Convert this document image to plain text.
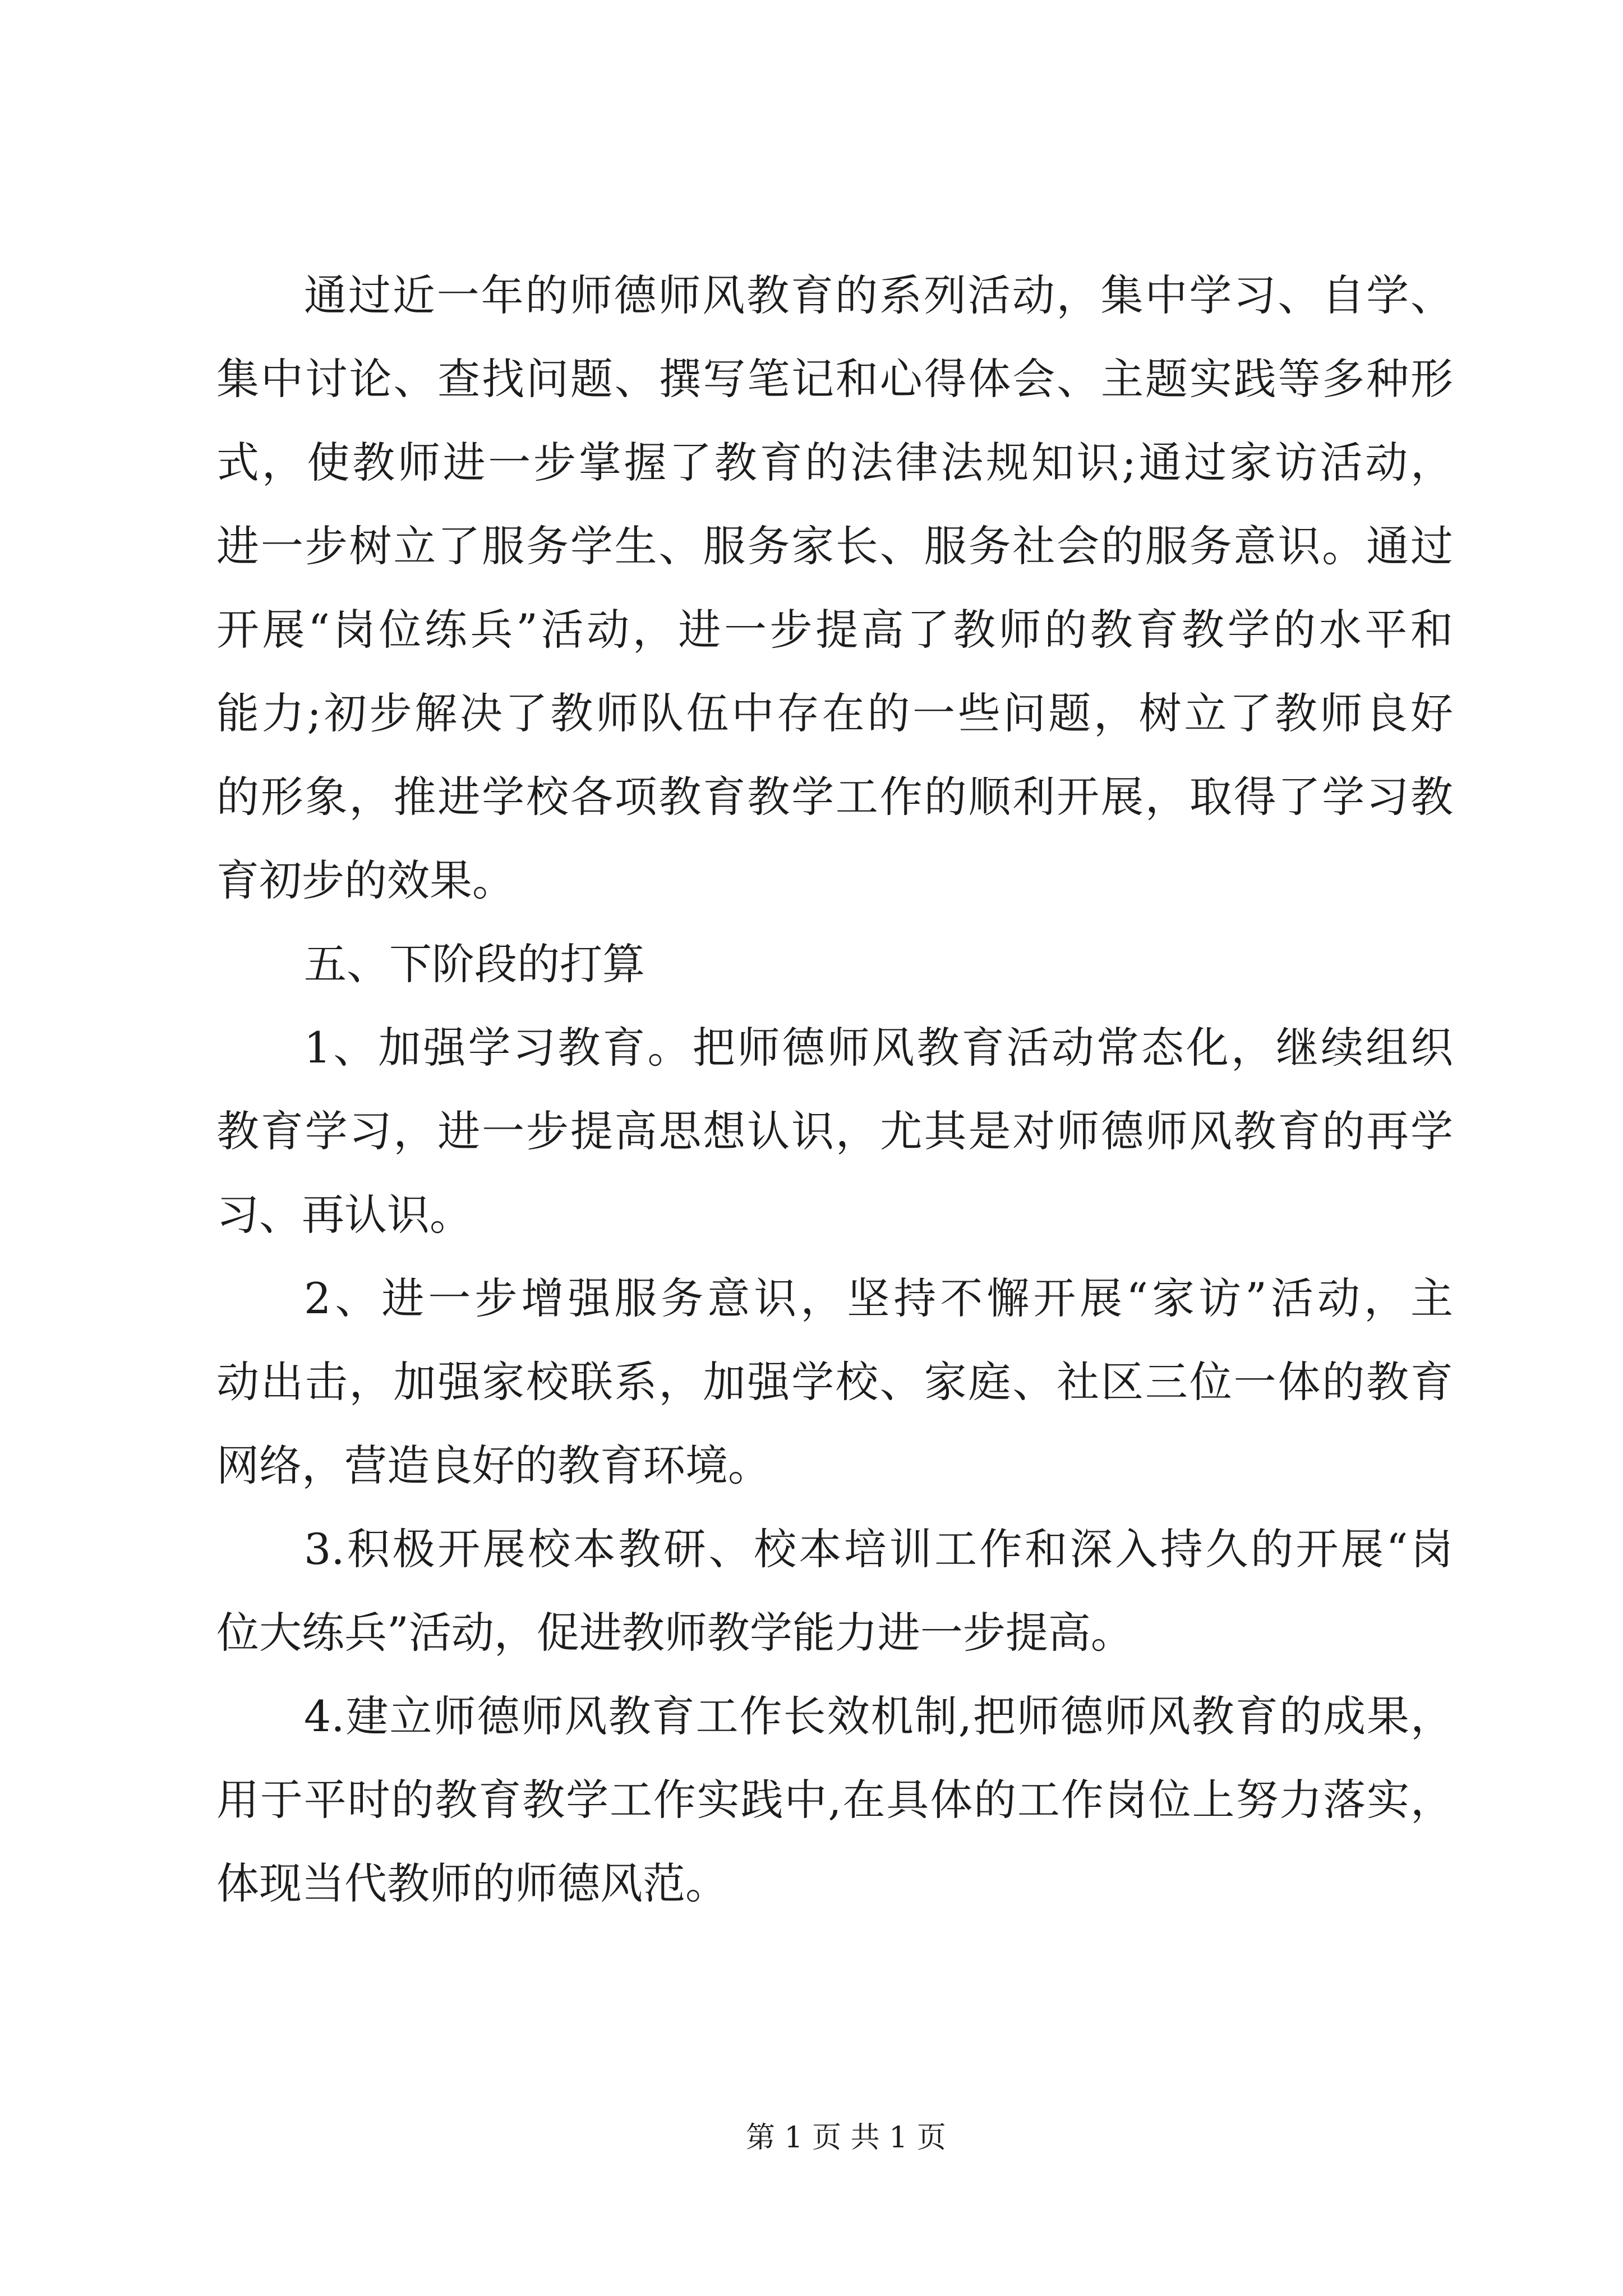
通过近一年的师德师风教育的系列活动，集中学习、自学、
集中讨论、查找问题、撰写笔记和心得体会、主题实践等多种形
式，使教师进一步掌握了教育的法律法规知识;通过家访活动，
进一步树立了服务学生、服务家长、服务社会的服务意识。通过
开展“岗位练兵”活动，进一步提高了教师的教育教学的水平和
能力;初步解决了教师队伍中存在的一些问题，树立了教师良好
的形象，推进学校各项教育教学工作的顺利开展，取得了学习教
育初步的效果。
五、下阶段的打算
1、加强学习教育。把师德师风教育活动常态化，继续组织
教育学习，进一步提高思想认识，尤其是对师德师风教育的再学
习、再认识。
2、进一步增强服务意识，坚持不懈开展“家访”活动，主
动出击，加强家校联系，加强学校、家庭、社区三位一体的教育
网络，营造良好的教育环境。
3.积极开展校本教研、校本培训工作和深入持久的开展“岗
位大练兵”活动，促进教师教学能力进一步提高。
4.建立师德师风教育工作长效机制,把师德师风教育的成果，
用于平时的教育教学工作实践中,在具体的工作岗位上努力落实，
体现当代教师的师德风范。
第 1 页 共 1 页
